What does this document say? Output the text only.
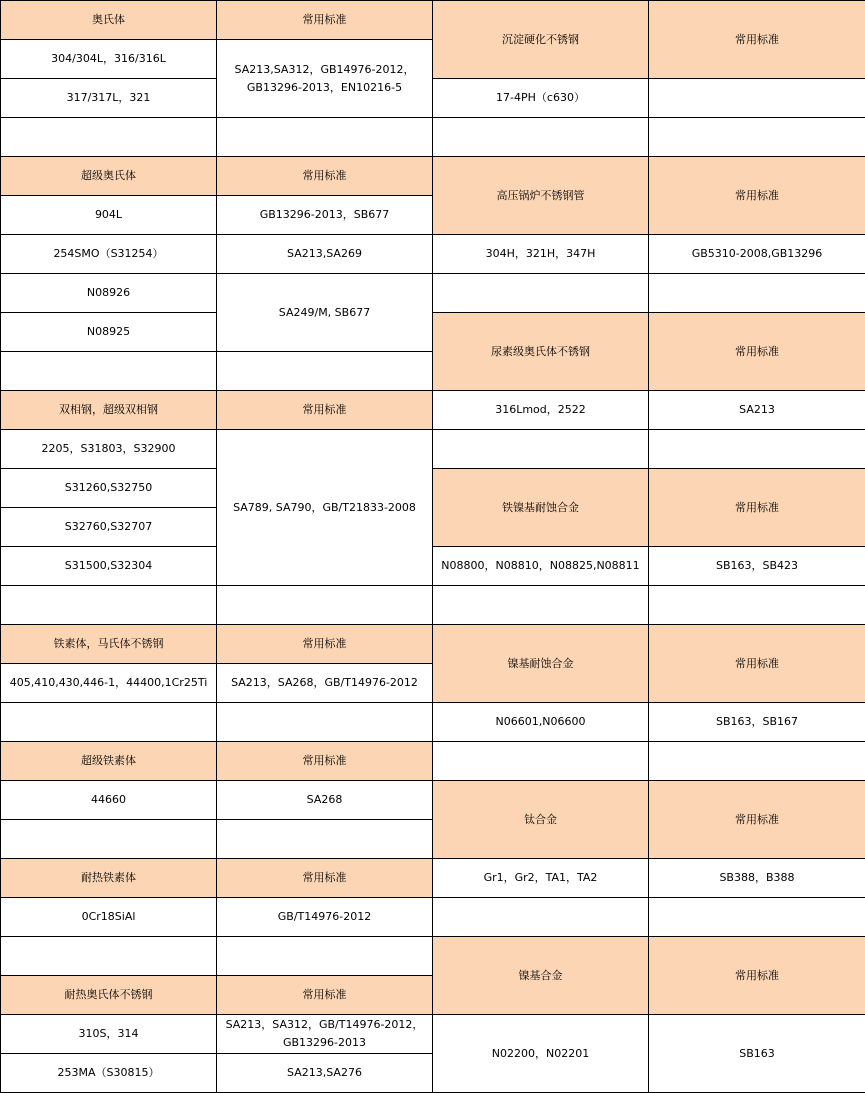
奥氏体	常用标准	沉淀硬化不锈钢	常用标准
304/304L，316/316L	SA213,SA312，GB14976-2012，GB13296-2013，EN10216-5		
317/317L，321		17-4PH（c630）	

超级奥氏体	常用标准	高压锅炉不锈钢管	常用标准
904L	GB13296-2013，SB677		
254SMO（S31254）	SA213,SA269	304H，321H，347H	GB5310-2008,GB13296
N08926	SA249/M, SB677		
N08925		尿素级奥氏体不锈钢	常用标准

双相钢，超级双相钢	常用标准	316Lmod，2522	SA213
2205，S31803，S32900	SA789, SA790，GB/T21833-2008		
S31260,S32750		铁镍基耐蚀合金	常用标准
S32760,S32707			
S31500,S32304		N08800，N08810，N08825,N08811	SB163，SB423

铁素体，马氏体不锈钢	常用标准	镍基耐蚀合金	常用标准
405,410,430,446-1，44400,1Cr25Ti	SA213，SA268，GB/T14976-2012		
		N06601,N06600	SB163，SB167
超级铁素体	常用标准		
44660	SA268	钛合金	常用标准

耐热铁素体	常用标准	Gr1，Gr2，TA1，TA2	SB388，B388
0Cr18SiAl	GB/T14976-2012		
		镍基合金	常用标准
耐热奥氏体不锈钢	常用标准		
310S，314	SA213，SA312，GB/T14976-2012，GB13296-2013	N02200，N02201	SB163
253MA（S30815）	SA213,SA276		
